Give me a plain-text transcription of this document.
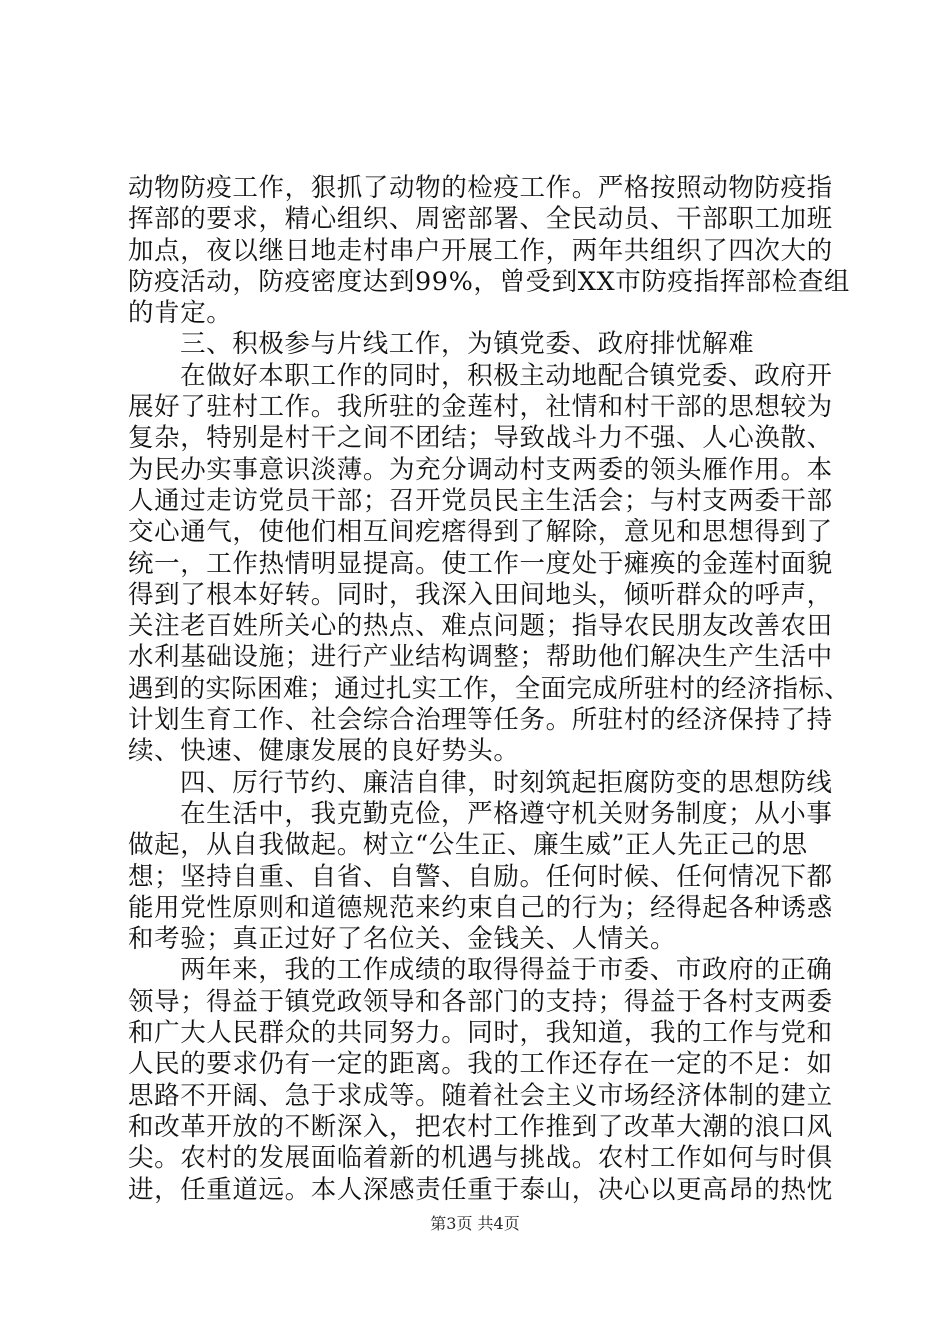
动物防疫工作，狠抓了动物的检疫工作。严格按照动物防疫指
挥部的要求，精心组织、周密部署、全民动员、干部职工加班
加点，夜以继日地走村串户开展工作，两年共组织了四次大的
防疫活动，防疫密度达到99%，曾受到XX市防疫指挥部检查组
的肯定。
三、积极参与片线工作，为镇党委、政府排忧解难
在做好本职工作的同时，积极主动地配合镇党委、政府开
展好了驻村工作。我所驻的金莲村，社情和村干部的思想较为
复杂，特别是村干之间不团结；导致战斗力不强、人心涣散、
为民办实事意识淡薄。为充分调动村支两委的领头雁作用。本
人通过走访党员干部；召开党员民主生活会；与村支两委干部
交心通气，使他们相互间疙瘩得到了解除，意见和思想得到了
统一，工作热情明显提高。使工作一度处于瘫痪的金莲村面貌
得到了根本好转。同时，我深入田间地头，倾听群众的呼声，
关注老百姓所关心的热点、难点问题；指导农民朋友改善农田
水利基础设施；进行产业结构调整；帮助他们解决生产生活中
遇到的实际困难；通过扎实工作，全面完成所驻村的经济指标、
计划生育工作、社会综合治理等任务。所驻村的经济保持了持
续、快速、健康发展的良好势头。
四、厉行节约、廉洁自律，时刻筑起拒腐防变的思想防线
在生活中，我克勤克俭，严格遵守机关财务制度；从小事
做起，从自我做起。树立“公生正、廉生威”正人先正己的思
想；坚持自重、自省、自警、自励。任何时候、任何情况下都
能用党性原则和道德规范来约束自己的行为；经得起各种诱惑
和考验；真正过好了名位关、金钱关、人情关。
两年来，我的工作成绩的取得得益于市委、市政府的正确
领导；得益于镇党政领导和各部门的支持；得益于各村支两委
和广大人民群众的共同努力。同时，我知道，我的工作与党和
人民的要求仍有一定的距离。我的工作还存在一定的不足：如
思路不开阔、急于求成等。随着社会主义市场经济体制的建立
和改革开放的不断深入，把农村工作推到了改革大潮的浪口风
尖。农村的发展面临着新的机遇与挑战。农村工作如何与时俱
进，任重道远。本人深感责任重于泰山，决心以更高昂的热忱
第3页 共4页
